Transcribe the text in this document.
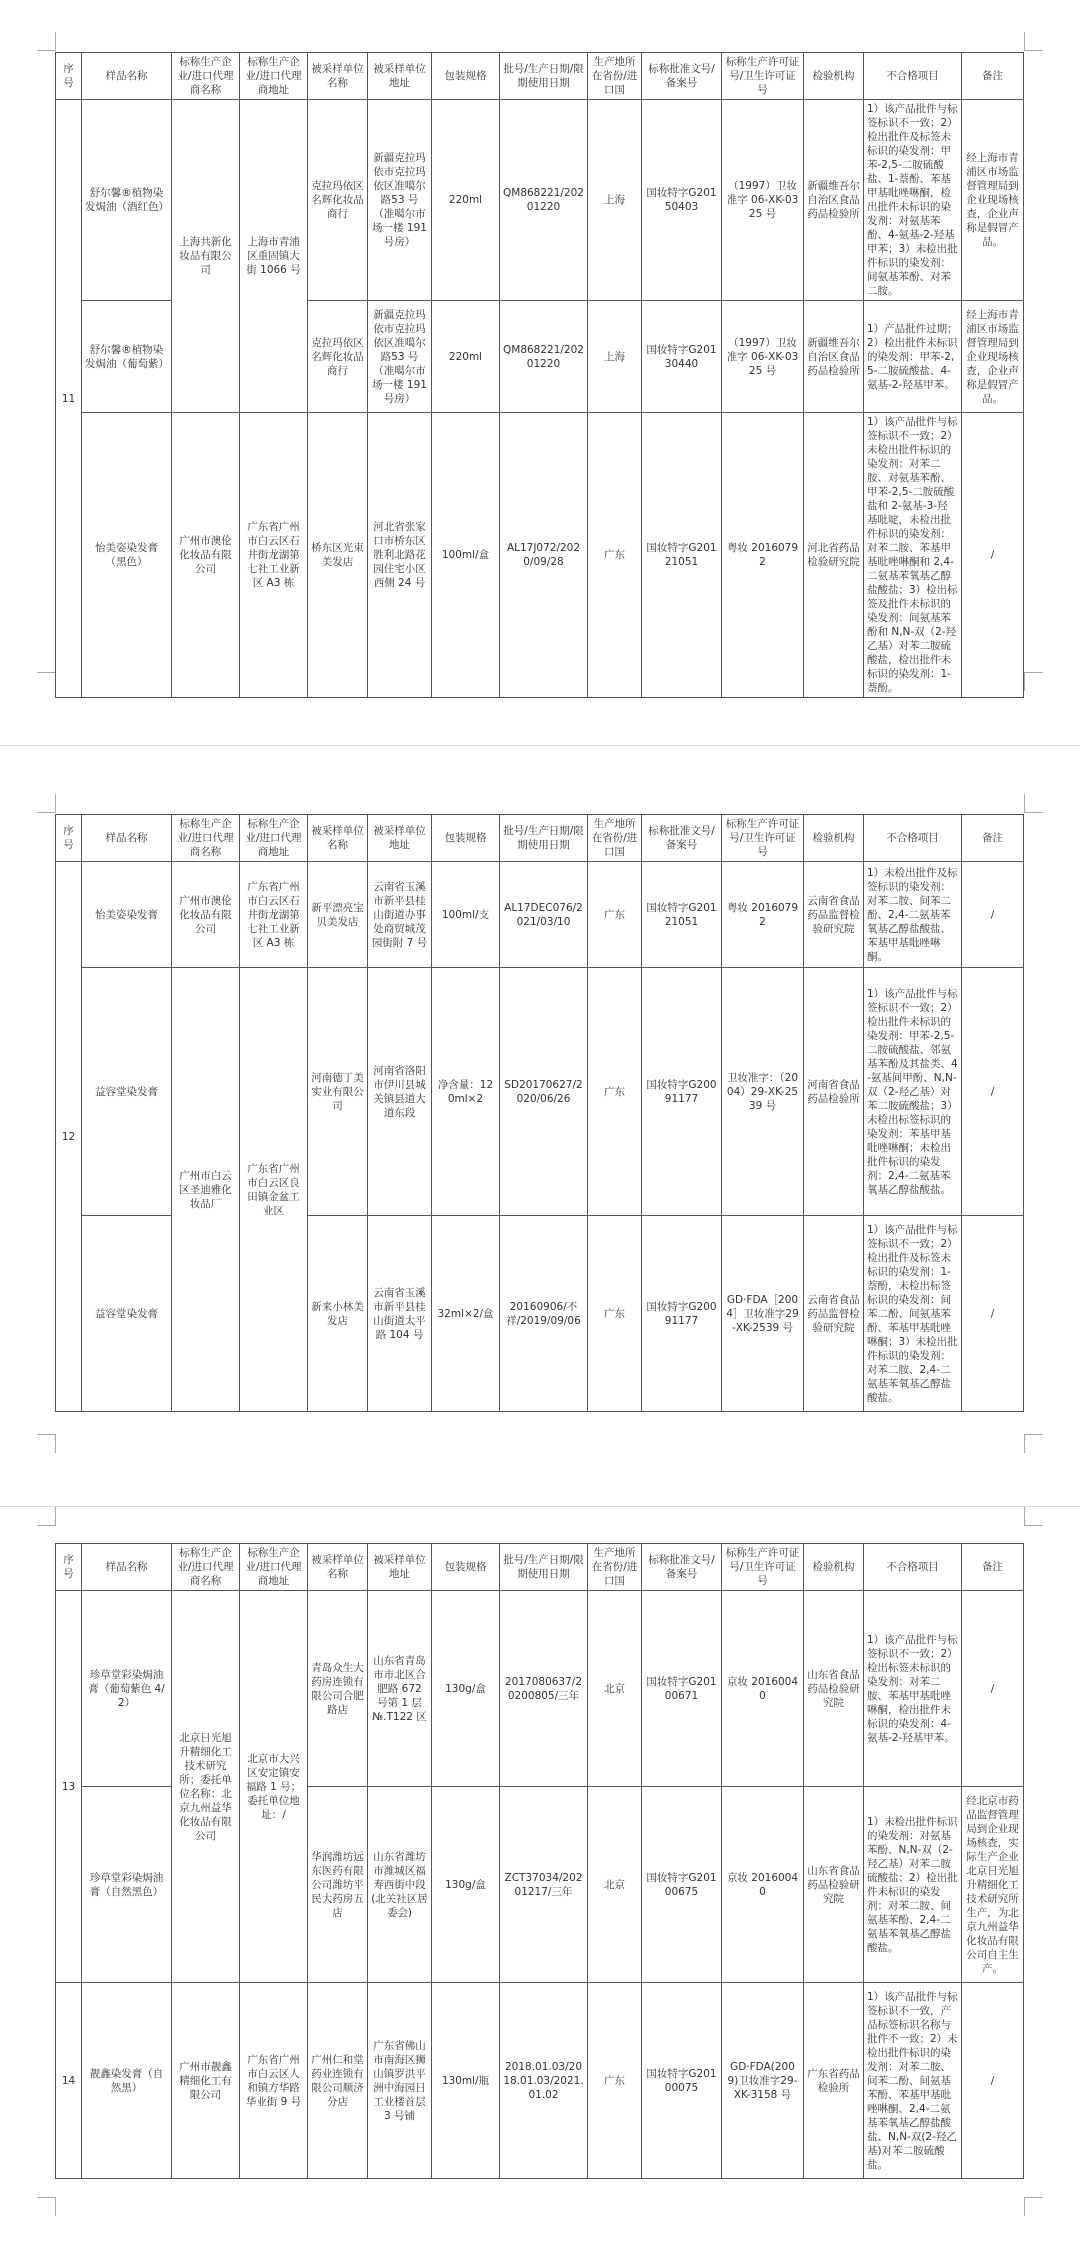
序号	样品名称	标称生产企业/进口代理商名称	标称生产企业/进口代理商地址	被采样单位名称	被采样单位地址	包装规格	批号/生产日期/限期使用日期	生产地所在省份/进口国	标称批准文号/备案号	标称生产许可证号/卫生许可证号	检验机构	不合格项目	备注
11	舒尔馨®植物染发焗油（酒红色）	上海共新化妆品有限公司	上海市青浦区重固镇大街 1066 号	克拉玛依区名辉化妆品商行	新疆克拉玛依市克拉玛依区准噶尔路53 号（准噶尔市场一楼 191 号房）	220ml	QM868221/20201220	上海	国妆特字G20150403	（1997）卫妆准字 06-XK-0325 号	新疆维吾尔自治区食品药品检验所	1）该产品批件与标签标识不一致；2）检出批件及标签未标识的染发剂：甲苯-2,5-二胺硫酸盐、1-萘酚、苯基甲基吡唑啉酮，检出批件未标识的染发剂：对氨基苯酚、4-氨基-2-羟基甲苯；3）未检出批件标识的染发剂：间氨基苯酚、对苯二胺。	经上海市青浦区市场监督管理局到企业现场核查，企业声称是假冒产品。
	舒尔馨®植物染发焗油（葡萄紫）			克拉玛依区名辉化妆品商行	新疆克拉玛依市克拉玛依区准噶尔路53 号（准噶尔市场一楼 191 号房）	220ml	QM868221/20201220	上海	国妆特字G20130440	（1997）卫妆准字 06-XK-0325 号	新疆维吾尔自治区食品药品检验所	1）产品批件过期；2）检出批件未标识的染发剂：甲苯-2,5-二胺硫酸盐、4-氨基-2-羟基甲苯。	经上海市青浦区市场监督管理局到企业现场核查，企业声称是假冒产品。
	怡美姿染发膏（黑色）	广州市澳伦化妆品有限公司	广东省广州市白云区石井街龙湖第七社工业新区 A3 栋	桥东区光束美发店	河北省张家口市桥东区胜利北路花园住宅小区西侧 24 号	100ml/盒	AL17J072/2020/09/28	广东	国妆特字G20121051	粤妆 20160792	河北省药品检验研究院	1）该产品批件与标签标识不一致；2）未检出批件标识的染发剂：对苯二胺、对氨基苯酚、甲苯-2,5-二胺硫酸盐和 2-氨基-3-羟基吡啶，未检出批件标识的染发剂：对苯二胺、苯基甲基吡唑啉酮和 2,4-二氨基苯氧基乙醇盐酸盐；3）检出标签及批件未标识的染发剂：间氨基苯酚和 N,N-双（2-羟乙基）对苯二胺硫酸盐，检出批件未标识的染发剂：1-萘酚。	/
序号	样品名称	标称生产企业/进口代理商名称	标称生产企业/进口代理商地址	被采样单位名称	被采样单位地址	包装规格	批号/生产日期/限期使用日期	生产地所在省份/进口国	标称批准文号/备案号	标称生产许可证号/卫生许可证号	检验机构	不合格项目	备注
12	怡美姿染发膏	广州市澳伦化妆品有限公司	广东省广州市白云区石井街龙湖第七社工业新区 A3 栋	新平漂亮宝贝美发店	云南省玉溪市新平县桂山街道办事处商贸城茂园街附 7 号	100ml/支	AL17DEC076/2021/03/10	广东	国妆特字G20121051	粤妆 20160792	云南省食品药品监督检验研究院	1）未检出批件及标签标识的染发剂：对苯二胺、间苯二酚、2,4-二氨基苯氧基乙醇盐酸盐、苯基甲基吡唑啉酮。	/
	益容堂染发膏	广州市白云区圣迪雅化妆品厂	广东省广州市白云区良田镇金盆工业区	河南德丁美实业有限公司	河南省洛阳市伊川县城关镇县道大道东段	净含量：120ml×2	SD20170627/2020/06/26	广东	国妆特字G20091177	卫妆准字：（2004）29-XK-2539 号	河南省食品药品检验所	1）该产品批件与标签标识不一致；2）检出批件未标识的染发剂：甲苯-2,5-二胺硫酸盐、邻氨基苯酚及其盐类、4-氨基间甲酚、N,N-双（2-羟乙基）对苯二胺硫酸盐；3）未检出标签标识的染发剂：苯基甲基吡唑啉酮；未检出批件标识的染发剂：2,4-二氨基苯氧基乙醇盐酸盐。	/
	益容堂染发膏			新来小林美发店	云南省玉溪市新平县桂山街道太平路 104 号	32ml×2/盒	20160906/不祥/2019/09/06	广东	国妆特字G20091177	GD·FDA［2004］卫妆准字29-XK-2539 号	云南省食品药品监督检验研究院	1）该产品批件与标签标识不一致；2）检出批件及标签未标识的染发剂：1-萘酚，未检出标签标识的染发剂：间苯二酚、间氨基苯酚、苯基甲基吡唑啉酮；3）未检出批件标识的染发剂：对苯二胺、2,4-二氨基苯氧基乙醇盐酸盐。	/
序号	样品名称	标称生产企业/进口代理商名称	标称生产企业/进口代理商地址	被采样单位名称	被采样单位地址	包装规格	批号/生产日期/限期使用日期	生产地所在省份/进口国	标称批准文号/备案号	标称生产许可证号/卫生许可证号	检验机构	不合格项目	备注
13	珍草堂彩染焗油膏（葡萄紫色 4/2）	北京日光旭升精细化工技术研究所；委托单位名称：北京九州益华化妆品有限公司	北京市大兴区安定镇安福路 1 号；委托单位地址：/	青岛众生大药房连锁有限公司合肥路店	山东省青岛市市北区合肥路 672 号第 1 层 №.T122 区	130g/盒	2017080637/20200805/三年	北京	国妆特字G20100671	京妆 20160040	山东省食品药品检验研究院	1）该产品批件与标签标识不一致；2）检出标签未标识的染发剂：对苯二胺、苯基甲基吡唑啉酮，检出批件未标识的染发剂：4-氨基-2-羟基甲苯。	/
	珍草堂彩染焗油膏（自然黑色）			华润潍坊远东医药有限公司潍坊平民大药房五店	山东省潍坊市潍城区福寿西街中段(北关社区居委会)	130g/盒	ZCT37034/20201217/三年	北京	国妆特字G20100675	京妆 20160040	山东省食品药品检验研究院	1）未检出批件标识的染发剂：对氨基苯酚、N,N-双（2-羟乙基）对苯二胺硫酸盐；2）检出批件未标识的染发剂：对苯二胺、间氨基苯酚、2,4-二氨基苯氧基乙醇盐酸盐。	经北京市药品监督管理局到企业现场核查，实际生产企业北京日光旭升精细化工技术研究所生产，为北京九州益华化妆品有限公司自主生产。
14	靓鑫染发膏（自然黑）	广州市靓鑫精细化工有限公司	广东省广州市白云区人和镇方华路华业街 9 号	广州仁和堂药业连锁有限公司顺济分店	广东省佛山市南海区狮山镇罗洪平洲中海园日工业楼首层 3 号铺	130ml/瓶	2018.01.03/2018.01.03/2021.01.02	广东	国妆特字G20100075	GD·FDA(2009)卫妆准字29-XK-3158 号	广东省药品检验所	1）该产品批件与标签标识不一致，产品标签标识名称与批件不一致；2）未检出批件标识的染发剂：对苯二胺、间苯二酚、间氨基苯酚、苯基甲基吡唑啉酮、2,4-二氨基苯氧基乙醇盐酸盐、N,N-双(2-羟乙基)对苯二胺硫酸盐。	/
